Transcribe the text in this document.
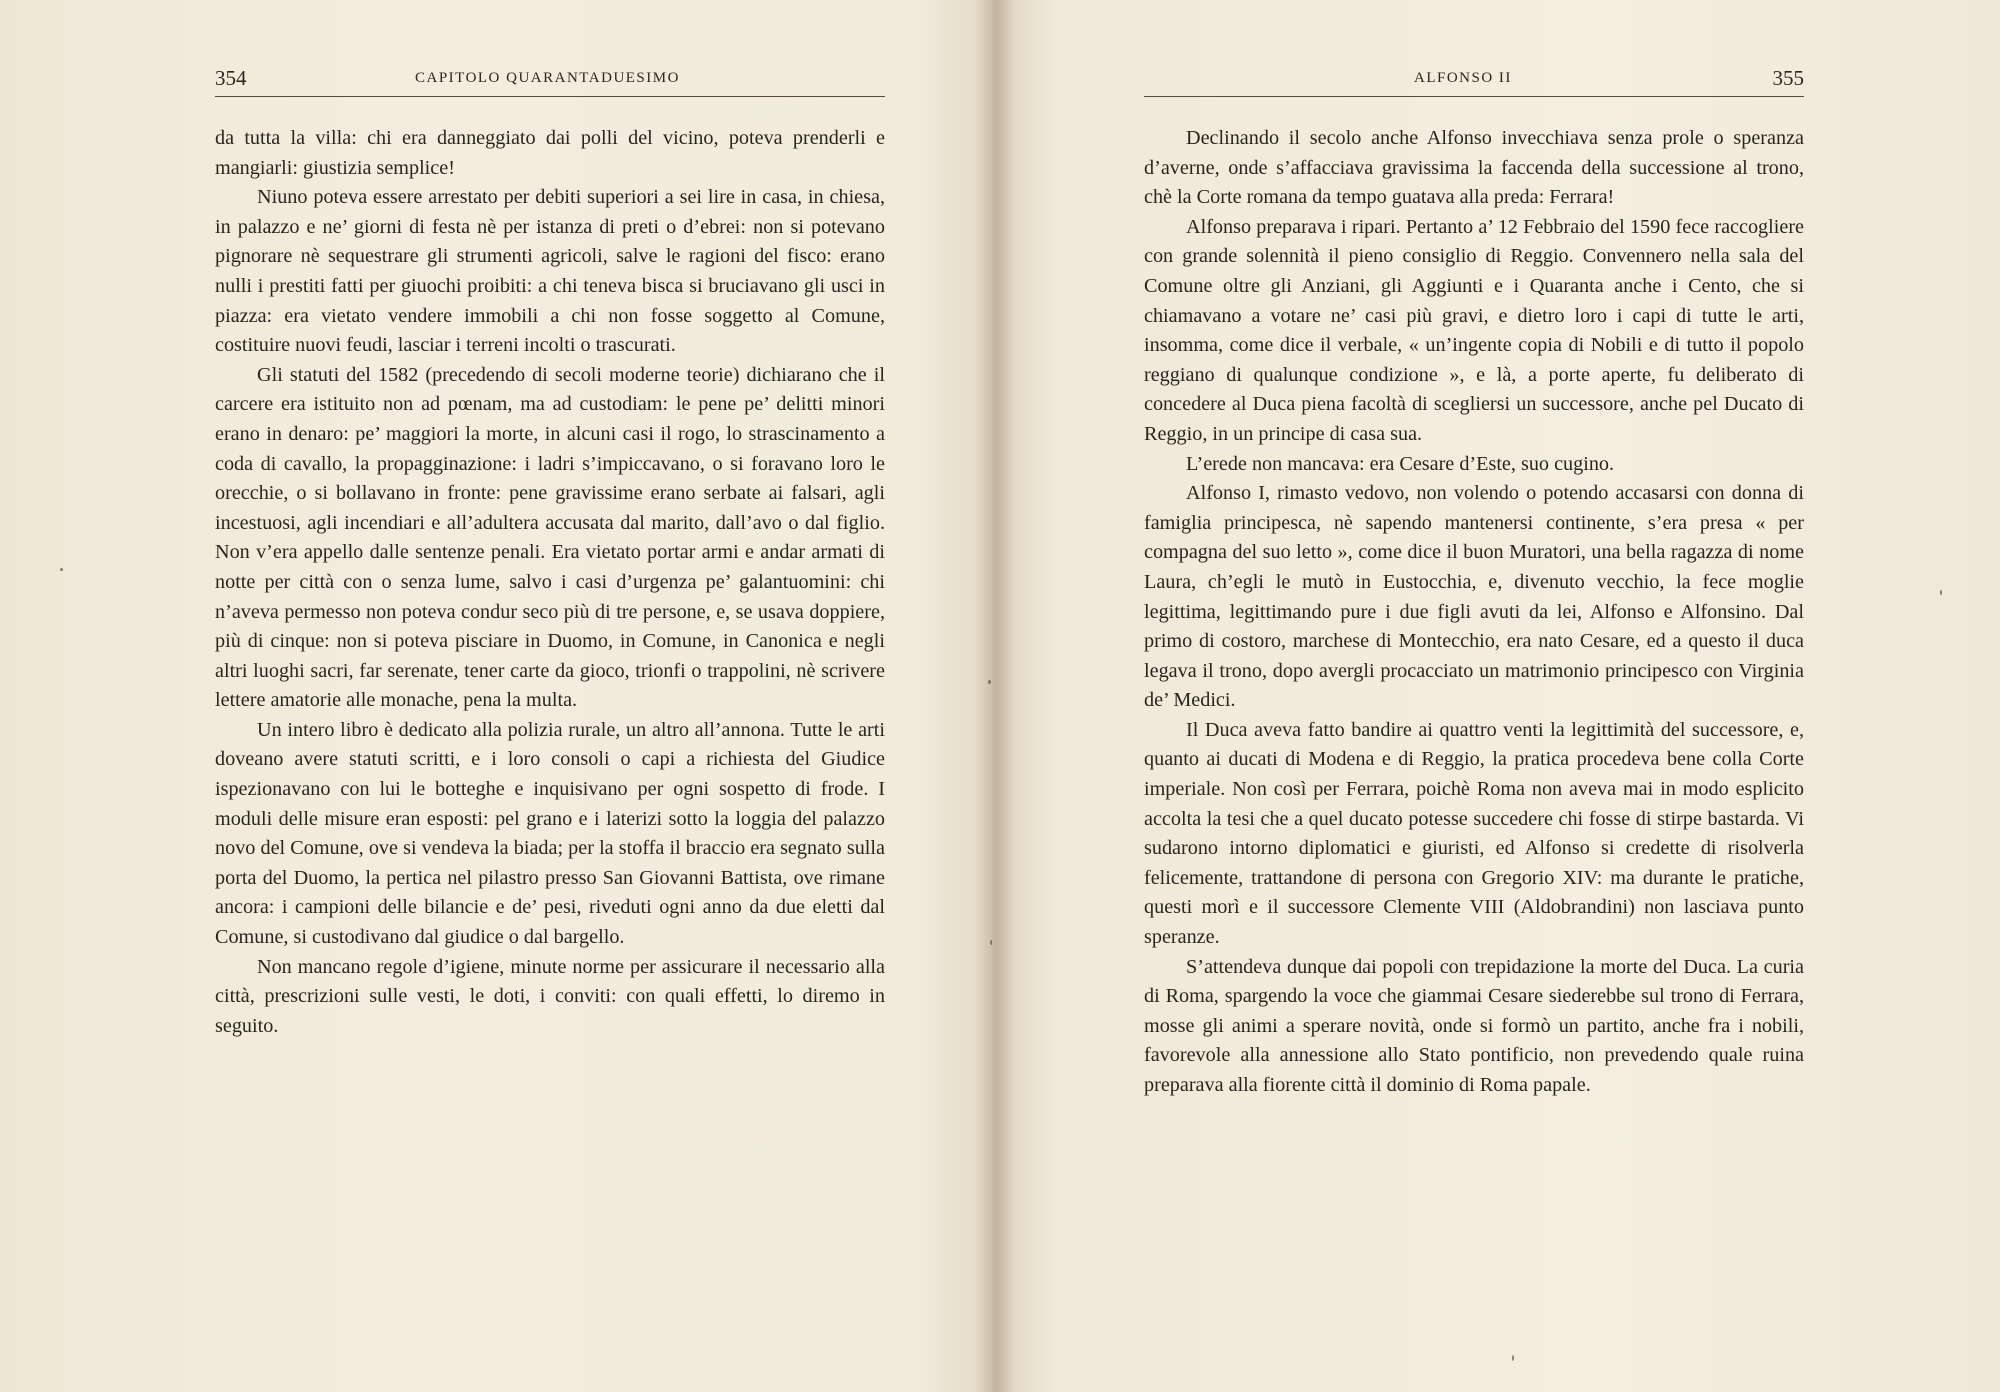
354	CAPITOLO QUARANTADUESIMO

da tutta la villa: chi era danneggiato dai polli del vicino, poteva prenderli e mangiarli: giustizia semplice!

Niuno poteva essere arrestato per debiti superiori a sei lire in casa, in chiesa, in palazzo e ne’ giorni di festa nè per istanza di preti o d’ebrei: non si potevano pignorare nè sequestrare gli strumenti agricoli, salve le ragioni del fisco: erano nulli i prestiti fatti per giuochi proibiti: a chi teneva bisca si bruciavano gli usci in piazza: era vietato vendere immobili a chi non fosse soggetto al Comune, costituire nuovi feudi, lasciar i terreni incolti o trascurati.

Gli statuti del 1582 (precedendo di secoli moderne teorie) dichiarano che il carcere era istituito non ad pœnam, ma ad custodiam: le pene pe’ delitti minori erano in denaro: pe’ maggiori la morte, in alcuni casi il rogo, lo strascinamento a coda di cavallo, la propagginazione: i ladri s’impiccavano, o si foravano loro le orecchie, o si bollavano in fronte: pene gravissime erano serbate ai falsari, agli incestuosi, agli incendiari e all’adultera accusata dal marito, dall’avo o dal figlio. Non v’era appello dalle sentenze penali. Era vietato portar armi e andar armati di notte per città con o senza lume, salvo i casi d’urgenza pe’ galantuomini: chi n’aveva permesso non poteva condur seco più di tre persone, e, se usava doppiere, più di cinque: non si poteva pisciare in Duomo, in Comune, in Canonica e negli altri luoghi sacri, far serenate, tener carte da gioco, trionfi o trappolini, nè scrivere lettere amatorie alle monache, pena la multa.

Un intero libro è dedicato alla polizia rurale, un altro all’annona. Tutte le arti doveano avere statuti scritti, e i loro consoli o capi a richiesta del Giudice ispezionavano con lui le botteghe e inquisivano per ogni sospetto di frode. I moduli delle misure eran esposti: pel grano e i laterizi sotto la loggia del palazzo novo del Comune, ove si vendeva la biada; per la stoffa il braccio era segnato sulla porta del Duomo, la pertica nel pilastro presso San Giovanni Battista, ove rimane ancora: i campioni delle bilancie e de’ pesi, riveduti ogni anno da due eletti dal Comune, si custodivano dal giudice o dal bargello.

Non mancano regole d’igiene, minute norme per assicurare il necessario alla città, prescrizioni sulle vesti, le doti, i conviti: con quali effetti, lo diremo in seguito.

ALFONSO II	355

Declinando il secolo anche Alfonso invecchiava senza prole o speranza d’averne, onde s’affacciava gravissima la faccenda della successione al trono, chè la Corte romana da tempo guatava alla preda: Ferrara!

Alfonso preparava i ripari. Pertanto a’ 12 Febbraio del 1590 fece raccogliere con grande solennità il pieno consiglio di Reggio. Convennero nella sala del Comune oltre gli Anziani, gli Aggiunti e i Quaranta anche i Cento, che si chiamavano a votare ne’ casi più gravi, e dietro loro i capi di tutte le arti, insomma, come dice il verbale, « un’ingente copia di Nobili e di tutto il popolo reggiano di qualunque condizione », e là, a porte aperte, fu deliberato di concedere al Duca piena facoltà di scegliersi un successore, anche pel Ducato di Reggio, in un principe di casa sua.

L’erede non mancava: era Cesare d’Este, suo cugino.

Alfonso I, rimasto vedovo, non volendo o potendo accasarsi con donna di famiglia principesca, nè sapendo mantenersi continente, s’era presa « per compagna del suo letto », come dice il buon Muratori, una bella ragazza di nome Laura, ch’egli le mutò in Eustocchia, e, divenuto vecchio, la fece moglie legittima, legittimando pure i due figli avuti da lei, Alfonso e Alfonsino. Dal primo di costoro, marchese di Montecchio, era nato Cesare, ed a questo il duca legava il trono, dopo avergli procacciato un matrimonio principesco con Virginia de’ Medici.

Il Duca aveva fatto bandire ai quattro venti la legittimità del successore, e, quanto ai ducati di Modena e di Reggio, la pratica procedeva bene colla Corte imperiale. Non così per Ferrara, poichè Roma non aveva mai in modo esplicito accolta la tesi che a quel ducato potesse succedere chi fosse di stirpe bastarda. Vi sudarono intorno diplomatici e giuristi, ed Alfonso si credette di risolverla felicemente, trattandone di persona con Gregorio XIV: ma durante le pratiche, questi morì e il successore Clemente VIII (Aldobrandini) non lasciava punto speranze.

S’attendeva dunque dai popoli con trepidazione la morte del Duca. La curia di Roma, spargendo la voce che giammai Cesare siederebbe sul trono di Ferrara, mosse gli animi a sperare novità, onde si formò un partito, anche fra i nobili, favorevole alla annessione allo Stato pontificio, non prevedendo quale ruina preparava alla fiorente città il dominio di Roma papale.
